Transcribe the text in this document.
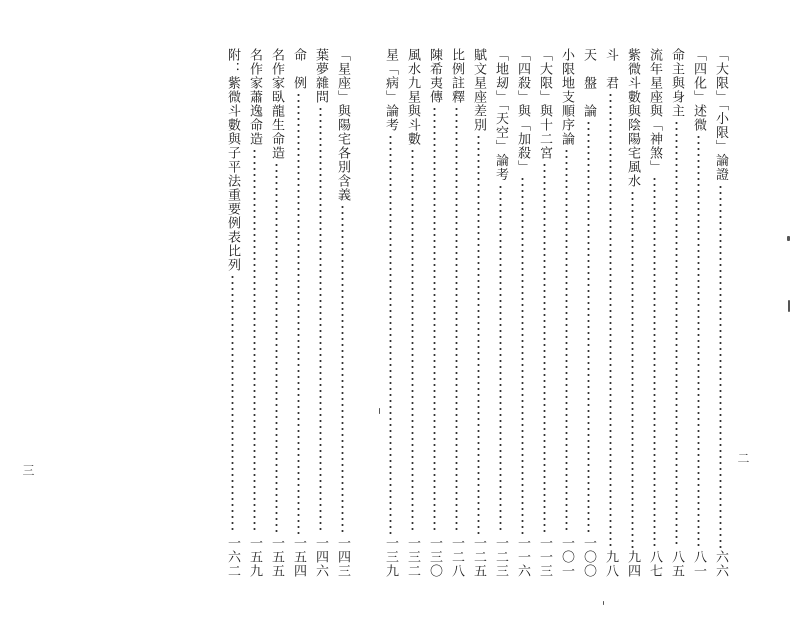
「大限」「小限」論證
六六
「四化」述微
八一
命主與身主
八五
流年星座與「神煞」
八七
紫微斗數與陰陽宅風水
九四
斗　君
九八
天　盤　論
一〇〇
小限地支順序論
一〇一
「大限」與十二宮
一一三
「四殺」與「加殺」
一一六
「地刼」「天空」論考
一二三
賦文星座差別
一二五
比例註釋
一二八
陳希夷傳
一三〇
風水九星與斗數
一三二
星「病」論考
一三九
二
「星座」與陽宅各別含義
一四三
葉夢雜問
一四六
命　例
一五四
名作家臥龍生命造
一五五
名作家蕭逸命造
一五九
附：紫微斗數與子平法重要例表比列
一六二
三
